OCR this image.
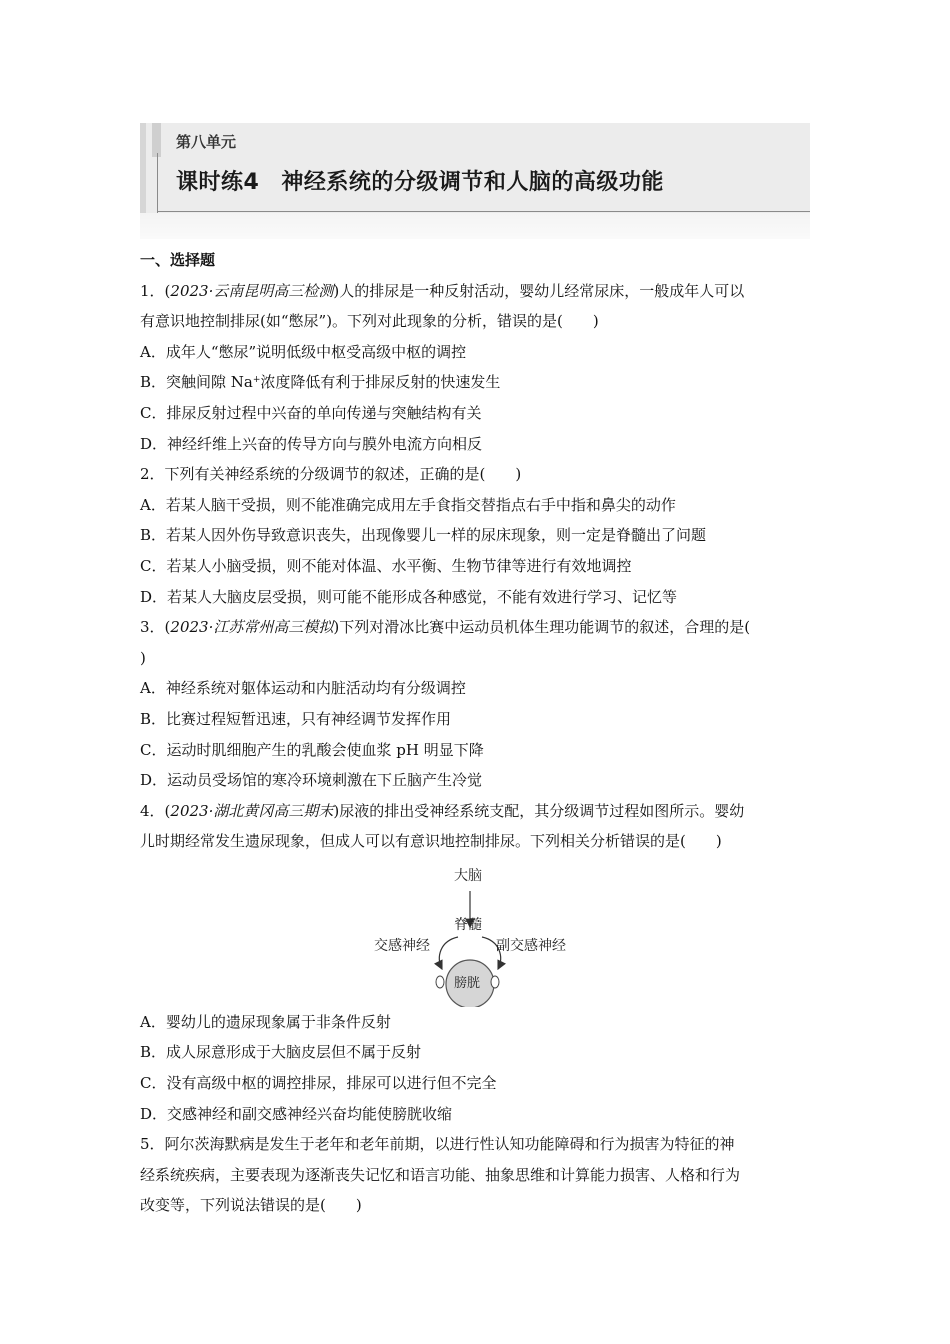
第八单元
课时练4 神经系统的分级调节和人脑的高级功能
一、选择题
1．(2023·云南昆明高三检测)人的排尿是一种反射活动，婴幼儿经常尿床，一般成年人可以
有意识地控制排尿(如“憋尿”)。下列对此现象的分析，错误的是(　　)
A．成年人“憋尿”说明低级中枢受高级中枢的调控
B．突触间隙 Na+浓度降低有利于排尿反射的快速发生
C．排尿反射过程中兴奋的单向传递与突触结构有关
D．神经纤维上兴奋的传导方向与膜外电流方向相反
2．下列有关神经系统的分级调节的叙述，正确的是(　　)
A．若某人脑干受损，则不能准确完成用左手食指交替指点右手中指和鼻尖的动作
B．若某人因外伤导致意识丧失，出现像婴儿一样的尿床现象，则一定是脊髓出了问题
C．若某人小脑受损，则不能对体温、水平衡、生物节律等进行有效地调控
D．若某人大脑皮层受损，则可能不能形成各种感觉，不能有效进行学习、记忆等
3．(2023·江苏常州高三模拟)下列对滑冰比赛中运动员机体生理功能调节的叙述，合理的是(
)
A．神经系统对躯体运动和内脏活动均有分级调控
B．比赛过程短暂迅速，只有神经调节发挥作用
C．运动时肌细胞产生的乳酸会使血浆 pH 明显下降
D．运动员受场馆的寒冷环境刺激在下丘脑产生冷觉
4．(2023·湖北黄冈高三期末)尿液的排出受神经系统支配，其分级调节过程如图所示。婴幼
儿时期经常发生遗尿现象，但成人可以有意识地控制排尿。下列相关分析错误的是(　　)
大脑
脊髓
交感神经	副交感神经
膀胱
A．婴幼儿的遗尿现象属于非条件反射
B．成人尿意形成于大脑皮层但不属于反射
C．没有高级中枢的调控排尿，排尿可以进行但不完全
D．交感神经和副交感神经兴奋均能使膀胱收缩
5．阿尔茨海默病是发生于老年和老年前期，以进行性认知功能障碍和行为损害为特征的神
经系统疾病，主要表现为逐渐丧失记忆和语言功能、抽象思维和计算能力损害、人格和行为
改变等，下列说法错误的是(　　)
